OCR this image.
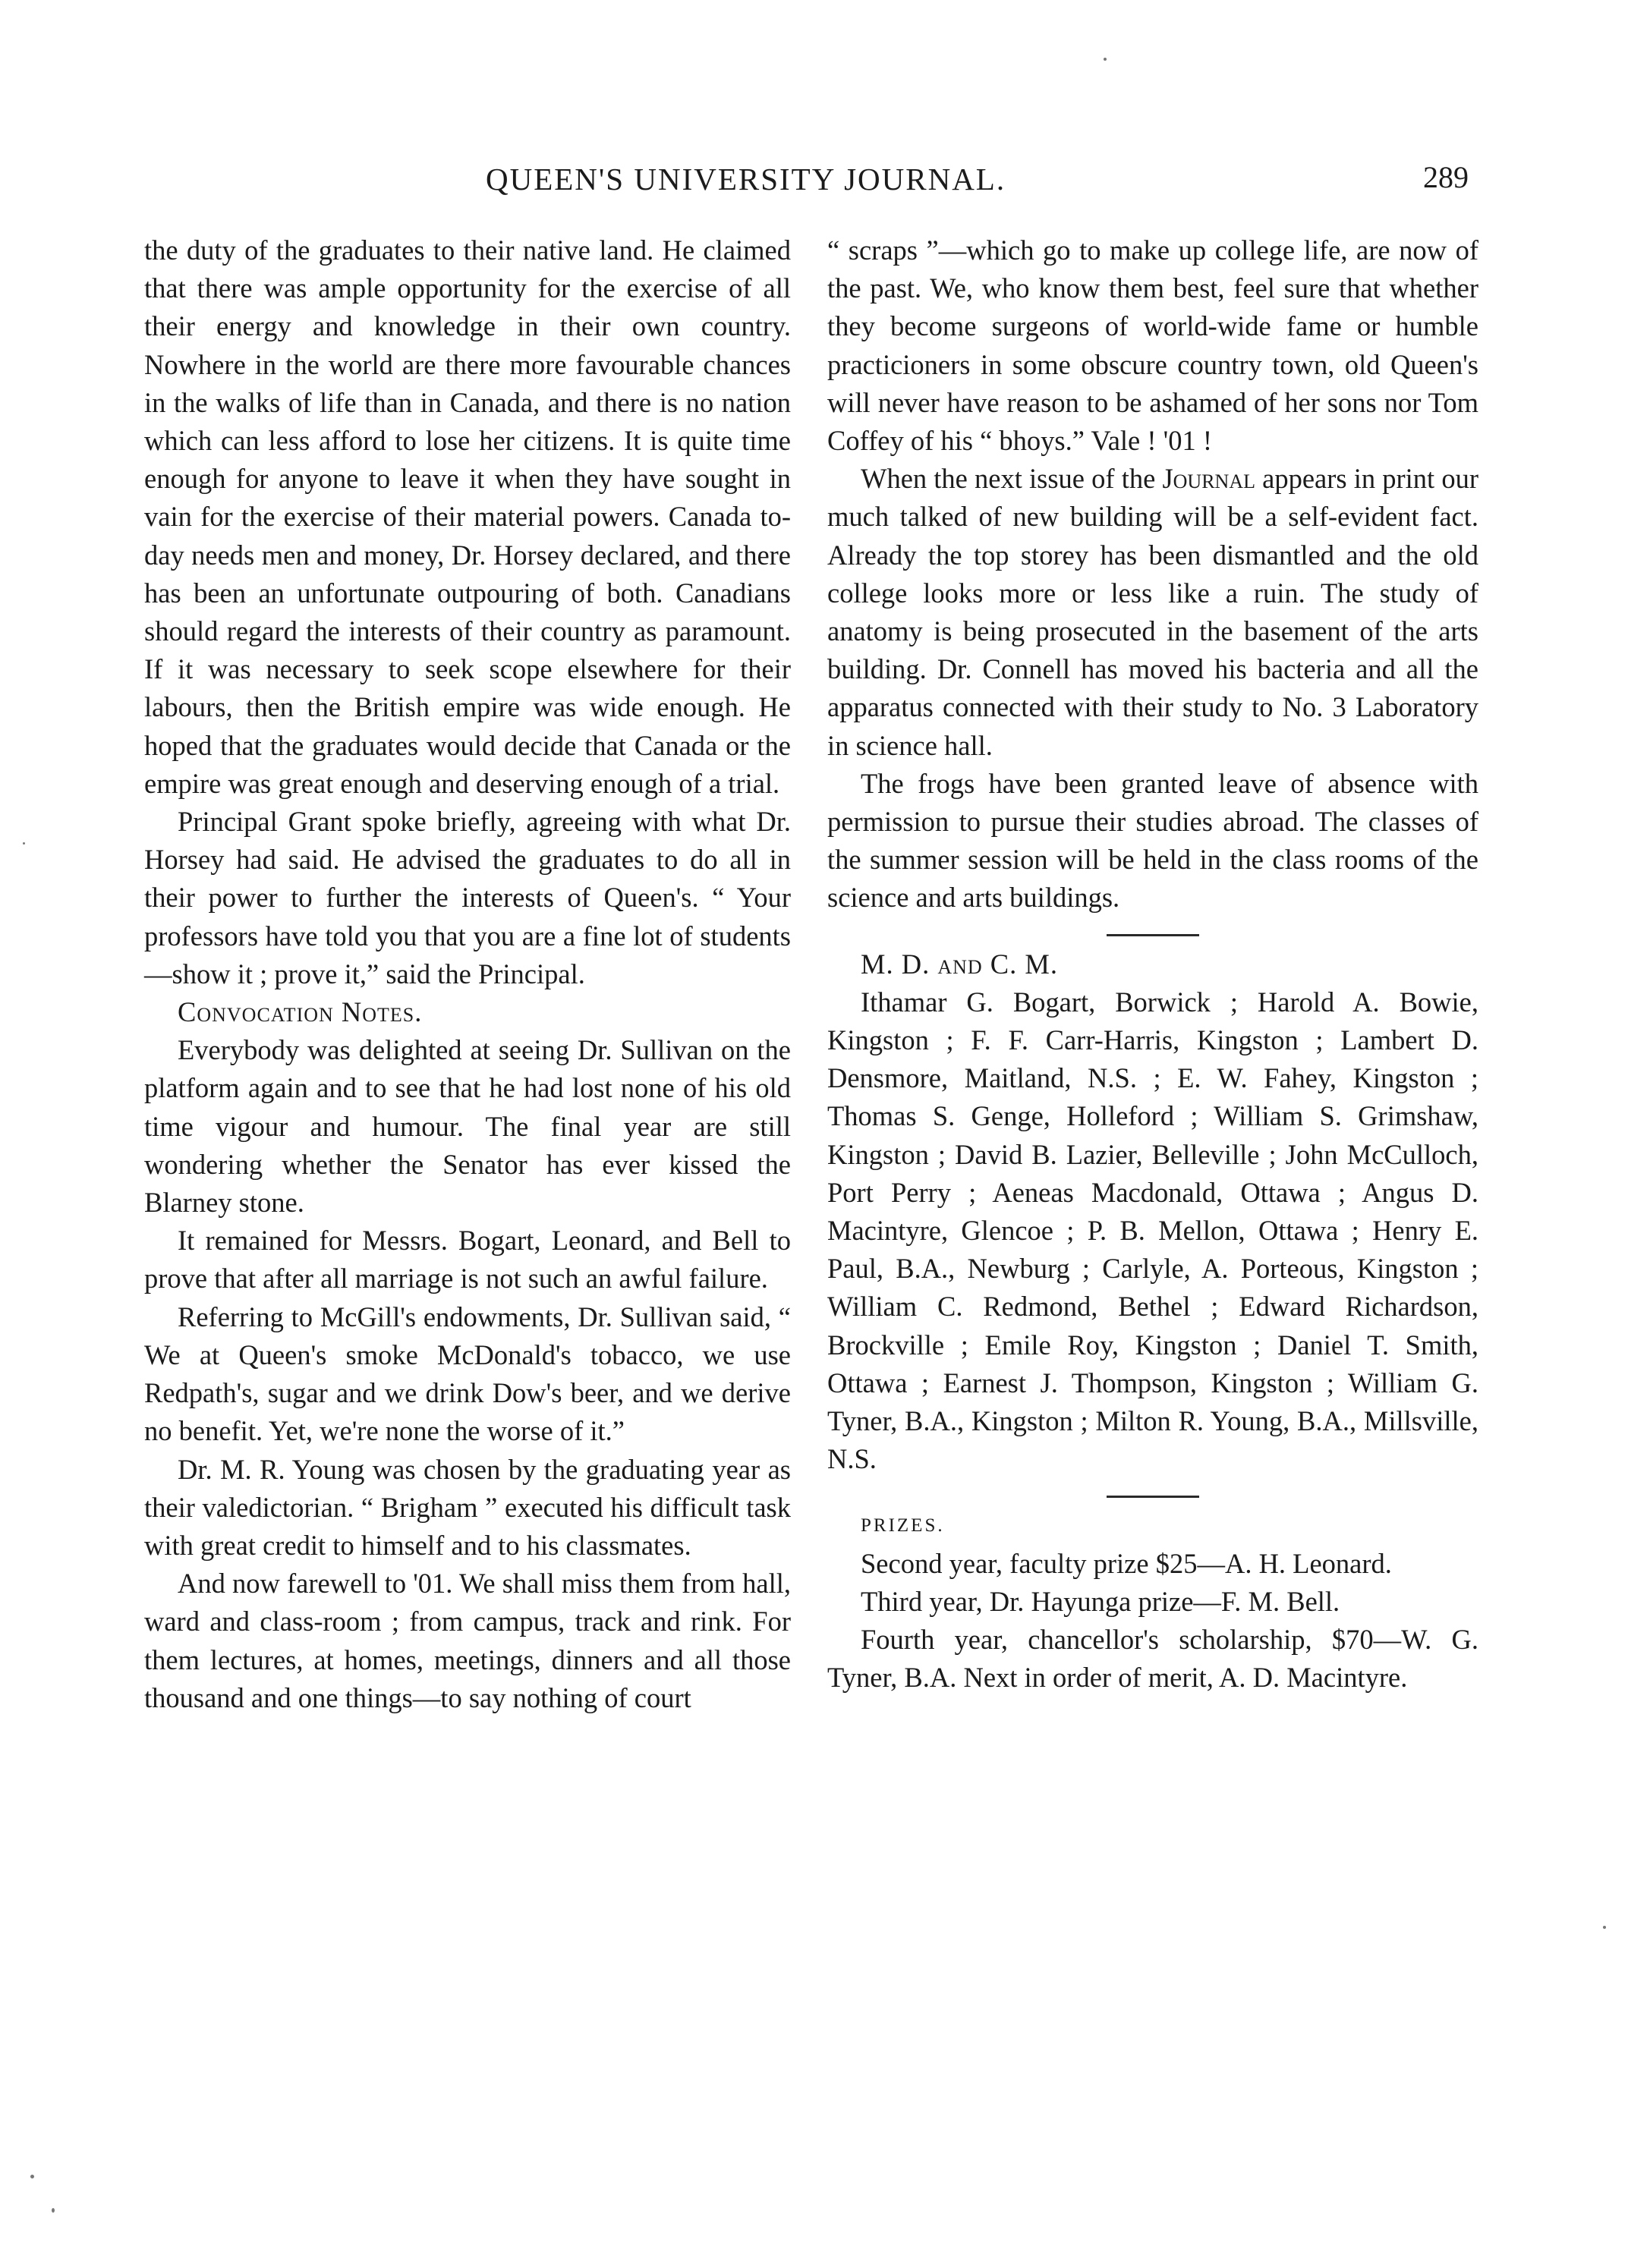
QUEEN'S UNIVERSITY JOURNAL.	289

the duty of the graduates to their native land. He claimed that there was ample opportunity for the exercise of all their energy and knowledge in their own country. Nowhere in the world are there more favourable chances in the walks of life than in Canada, and there is no nation which can less afford to lose her citizens. It is quite time enough for anyone to leave it when they have sought in vain for the exercise of their material powers. Canada to-day needs men and money, Dr. Horsey declared, and there has been an unfortunate outpouring of both. Canadians should regard the interests of their country as paramount. If it was necessary to seek scope elsewhere for their labours, then the British empire was wide enough. He hoped that the graduates would decide that Canada or the empire was great enough and deserving enough of a trial.

Principal Grant spoke briefly, agreeing with what Dr. Horsey had said. He advised the graduates to do all in their power to further the interests of Queen's. “ Your professors have told you that you are a fine lot of students—show it ; prove it,” said the Principal.

Convocation Notes.

Everybody was delighted at seeing Dr. Sullivan on the platform again and to see that he had lost none of his old time vigour and humour. The final year are still wondering whether the Senator has ever kissed the Blarney stone.

It remained for Messrs. Bogart, Leonard, and Bell to prove that after all marriage is not such an awful failure.

Referring to McGill's endowments, Dr. Sullivan said, “ We at Queen's smoke McDonald's tobacco, we use Redpath's, sugar and we drink Dow's beer, and we derive no benefit. Yet, we're none the worse of it.”

Dr. M. R. Young was chosen by the graduating year as their valedictorian. “ Brigham ” executed his difficult task with great credit to himself and to his classmates.

And now farewell to '01. We shall miss them from hall, ward and class-room ; from campus, track and rink. For them lectures, at homes, meetings, dinners and all those thousand and one things—to say nothing of court

“ scraps ”—which go to make up college life, are now of the past. We, who know them best, feel sure that whether they become surgeons of world-wide fame or humble practicioners in some obscure country town, old Queen's will never have reason to be ashamed of her sons nor Tom Coffey of his “ bhoys.” Vale ! '01 !

When the next issue of the Journal appears in print our much talked of new building will be a self-evident fact. Already the top storey has been dismantled and the old college looks more or less like a ruin. The study of anatomy is being prosecuted in the basement of the arts building. Dr. Connell has moved his bacteria and all the apparatus connected with their study to No. 3 Laboratory in science hall.

The frogs have been granted leave of absence with permission to pursue their studies abroad. The classes of the summer session will be held in the class rooms of the science and arts buildings.

M. D. and C. M.

Ithamar G. Bogart, Borwick ; Harold A. Bowie, Kingston ; F. F. Carr-Harris, Kingston ; Lambert D. Densmore, Maitland, N.S. ; E. W. Fahey, Kingston ; Thomas S. Genge, Holleford ; William S. Grimshaw, Kingston ; David B. Lazier, Belleville ; John McCulloch, Port Perry ; Aeneas Macdonald, Ottawa ; Angus D. Macintyre, Glencoe ; P. B. Mellon, Ottawa ; Henry E. Paul, B.A., Newburg ; Carlyle, A. Porteous, Kingston ; William C. Redmond, Bethel ; Edward Richardson, Brockville ; Emile Roy, Kingston ; Daniel T. Smith, Ottawa ; Earnest J. Thompson, Kingston ; William G. Tyner, B.A., Kingston ; Milton R. Young, B.A., Millsville, N.S.

PRIZES.

Second year, faculty prize $25—A. H. Leonard.

Third year, Dr. Hayunga prize—F. M. Bell.

Fourth year, chancellor's scholarship, $70—W. G. Tyner, B.A. Next in order of merit, A. D. Macintyre.
